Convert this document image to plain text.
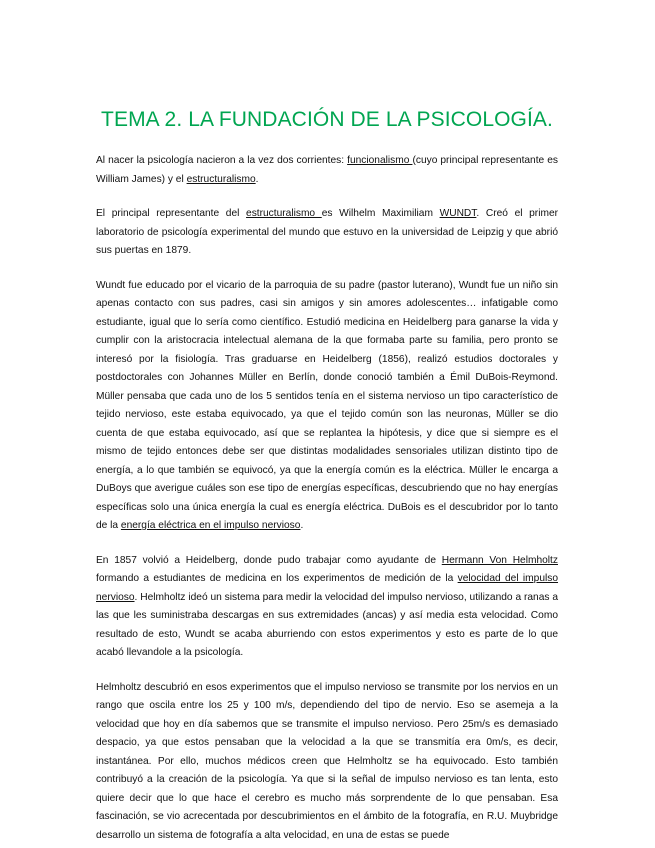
TEMA 2. LA FUNDACIÓN DE LA PSICOLOGÍA.

Al nacer la psicología nacieron a la vez dos corrientes: funcionalismo (cuyo principal representante es William James) y el estructuralismo.

El principal representante del estructuralismo es Wilhelm Maximiliam WUNDT. Creó el primer laboratorio de psicología experimental del mundo que estuvo en la universidad de Leipzig y que abrió sus puertas en 1879.

Wundt fue educado por el vicario de la parroquia de su padre (pastor luterano), Wundt fue un niño sin apenas contacto con sus padres, casi sin amigos y sin amores adolescentes… infatigable como estudiante, igual que lo sería como científico. Estudió medicina en Heidelberg para ganarse la vida y cumplir con la aristocracia intelectual alemana de la que formaba parte su familia, pero pronto se interesó por la fisiología. Tras graduarse en Heidelberg (1856), realizó estudios doctorales y postdoctorales con Johannes Müller en Berlín, donde conoció también a Émil DuBois-Reymond. Müller pensaba que cada uno de los 5 sentidos tenía en el sistema nervioso un tipo característico de tejido nervioso, este estaba equivocado, ya que el tejido común son las neuronas, Müller se dio cuenta de que estaba equivocado, así que se replantea la hipótesis, y dice que si siempre es el mismo de tejido entonces debe ser que distintas modalidades sensoriales utilizan distinto tipo de energía, a lo que también se equivocó, ya que la energía común es la eléctrica. Müller le encarga a DuBoys que averigue cuáles son ese tipo de energías específicas, descubriendo que no hay energías específicas solo una única energía la cual es energía eléctrica. DuBois es el descubridor por lo tanto de la energía eléctrica en el impulso nervioso.

En 1857 volvió a Heidelberg, donde pudo trabajar como ayudante de Hermann Von Helmholtz formando a estudiantes de medicina en los experimentos de medición de la velocidad del impulso nervioso. Helmholtz ideó un sistema para medir la velocidad del impulso nervioso, utilizando a ranas a las que les suministraba descargas en sus extremidades (ancas) y así media esta velocidad. Como resultado de esto, Wundt se acaba aburriendo con estos experimentos y esto es parte de lo que acabó llevandole a la psicología.

Helmholtz descubrió en esos experimentos que el impulso nervioso se transmite por los nervios en un rango que oscila entre los 25 y 100 m/s, dependiendo del tipo de nervio. Eso se asemeja a la velocidad que hoy en día sabemos que se transmite el impulso nervioso. Pero 25m/s es demasiado despacio, ya que estos pensaban que la velocidad a la que se transmitía era 0m/s, es decir, instantánea. Por ello, muchos médicos creen que Helmholtz se ha equivocado. Esto también contribuyó a la creación de la psicología. Ya que si la señal de impulso nervioso es tan lenta, esto quiere decir que lo que hace el cerebro es mucho más sorprendente de lo que pensaban. Esa fascinación, se vio acrecentada por descubrimientos en el ámbito de la fotografía, en R.U. Muybridge desarrollo un sistema de fotografía a alta velocidad, en una de estas se puede
